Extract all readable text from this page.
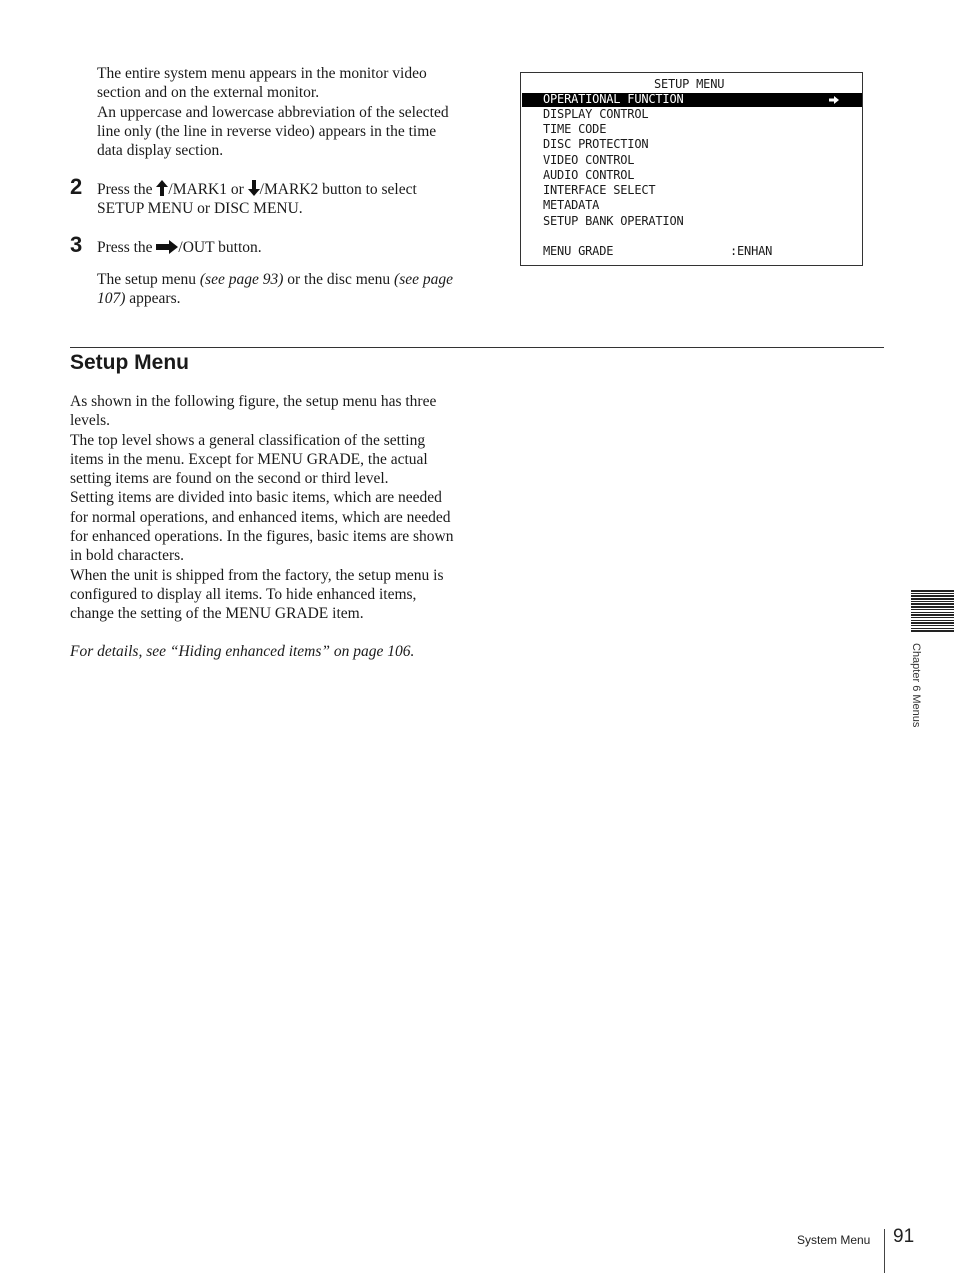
The entire system menu appears in the monitor video section and on the external monitor.
An uppercase and lowercase abbreviation of the selected line only (the line in reverse video) appears in the time data display section.

2 Press the /MARK1 or /MARK2 button to select SETUP MENU or DISC MENU.

3 Press the /OUT button.

The setup menu (see page 93) or the disc menu (see page 107) appears.

SETUP MENU
OPERATIONAL FUNCTION
DISPLAY CONTROL
TIME CODE
DISC PROTECTION
VIDEO CONTROL
AUDIO CONTROL
INTERFACE SELECT
METADATA
SETUP BANK OPERATION
MENU GRADE	:ENHAN
Setup Menu

As shown in the following figure, the setup menu has three levels.
The top level shows a general classification of the setting items in the menu. Except for MENU GRADE, the actual setting items are found on the second or third level.
Setting items are divided into basic items, which are needed for normal operations, and enhanced items, which are needed for enhanced operations. In the figures, basic items are shown in bold characters.
When the unit is shipped from the factory, the setup menu is configured to display all items. To hide enhanced items, change the setting of the MENU GRADE item.

For details, see “Hiding enhanced items” on page 106.	Chapter 6 Menus
System Menu 91
